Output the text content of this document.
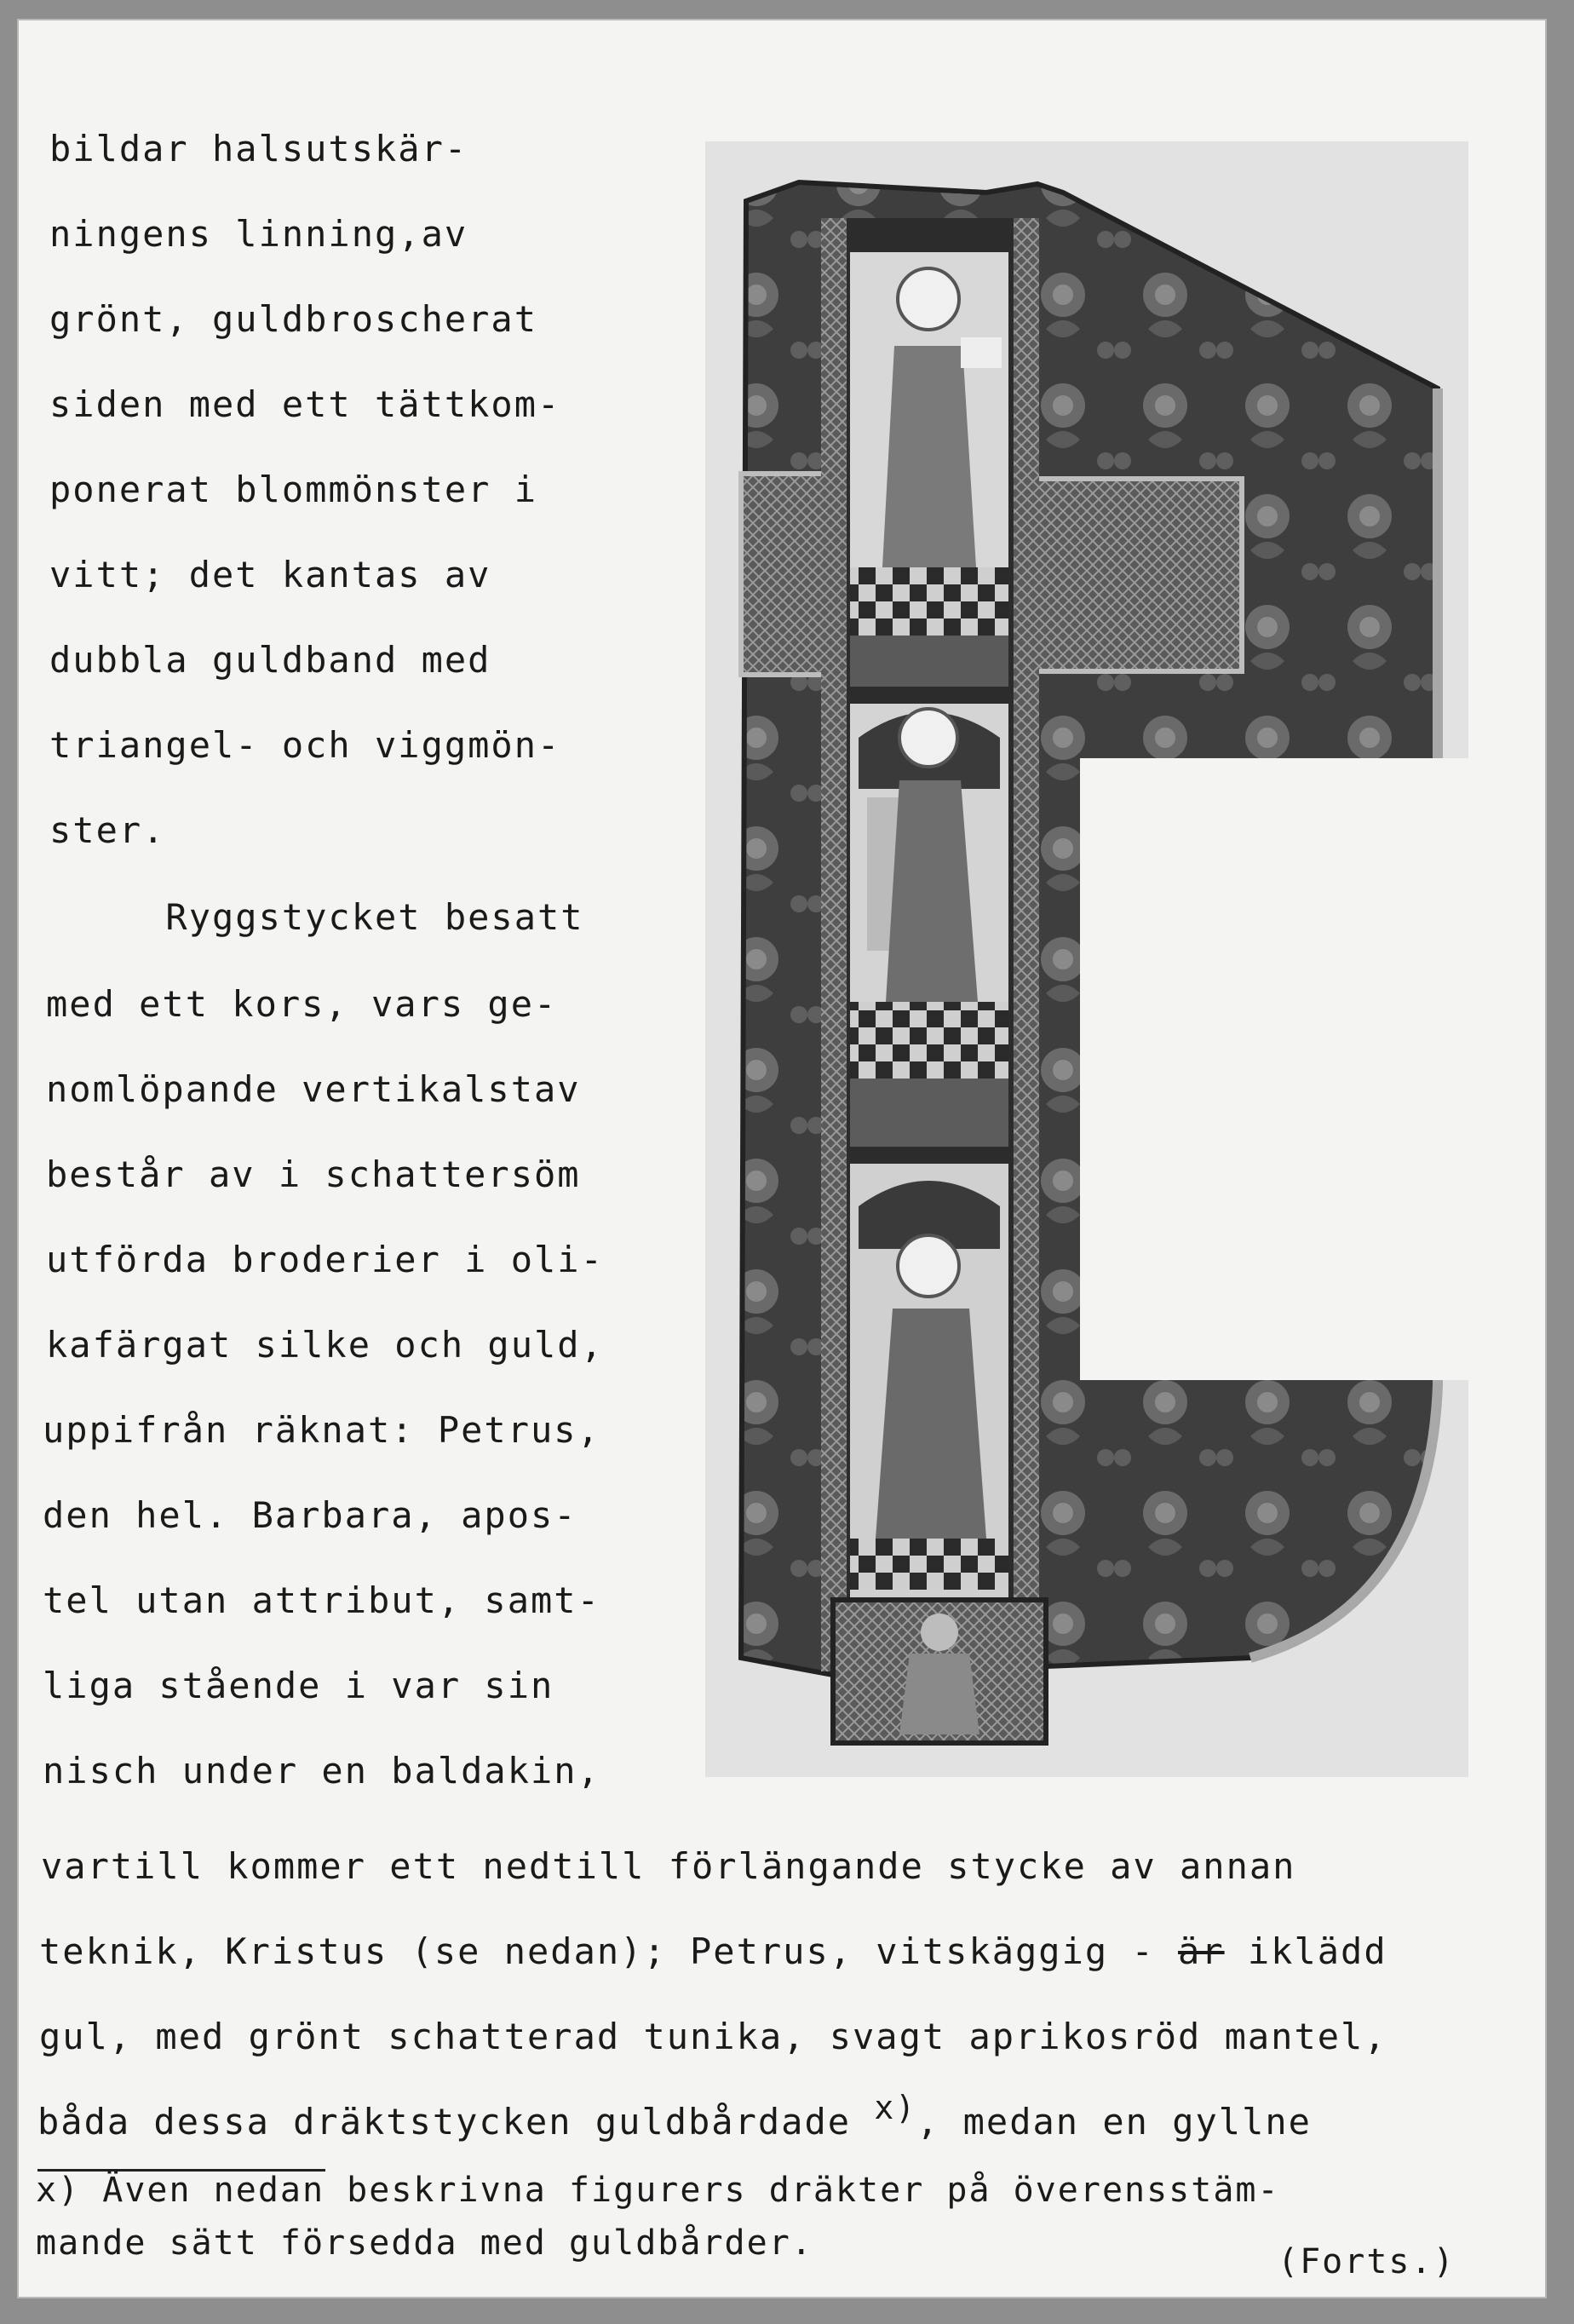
bildar halsutskär-
ningens linning,av
grönt, guldbroscherat
siden med ett tättkom-
ponerat blommönster i
vitt; det kantas av
dubbla guldband med
triangel- och viggmön-
ster.
Ryggstycket besatt
med ett kors, vars ge-
nomlöpande vertikalstav
består av i schattersöm
utförda broderier i oli-
kafärgat silke och guld,
uppifrån räknat: Petrus,
den hel. Barbara, apos-
tel utan attribut, samt-
liga stående i var sin
nisch under en baldakin,
vartill kommer ett nedtill förlängande stycke av annan
teknik, Kristus (se nedan); Petrus, vitskäggig - är iklädd
gul, med grönt schatterad tunika, svagt aprikosröd mantel,
båda dessa dräktstycken guldbårdade x), medan en gyllne
x) Även nedan beskrivna figurers dräkter på överensstäm-
mande sätt försedda med guldbårder.	(Forts.)
